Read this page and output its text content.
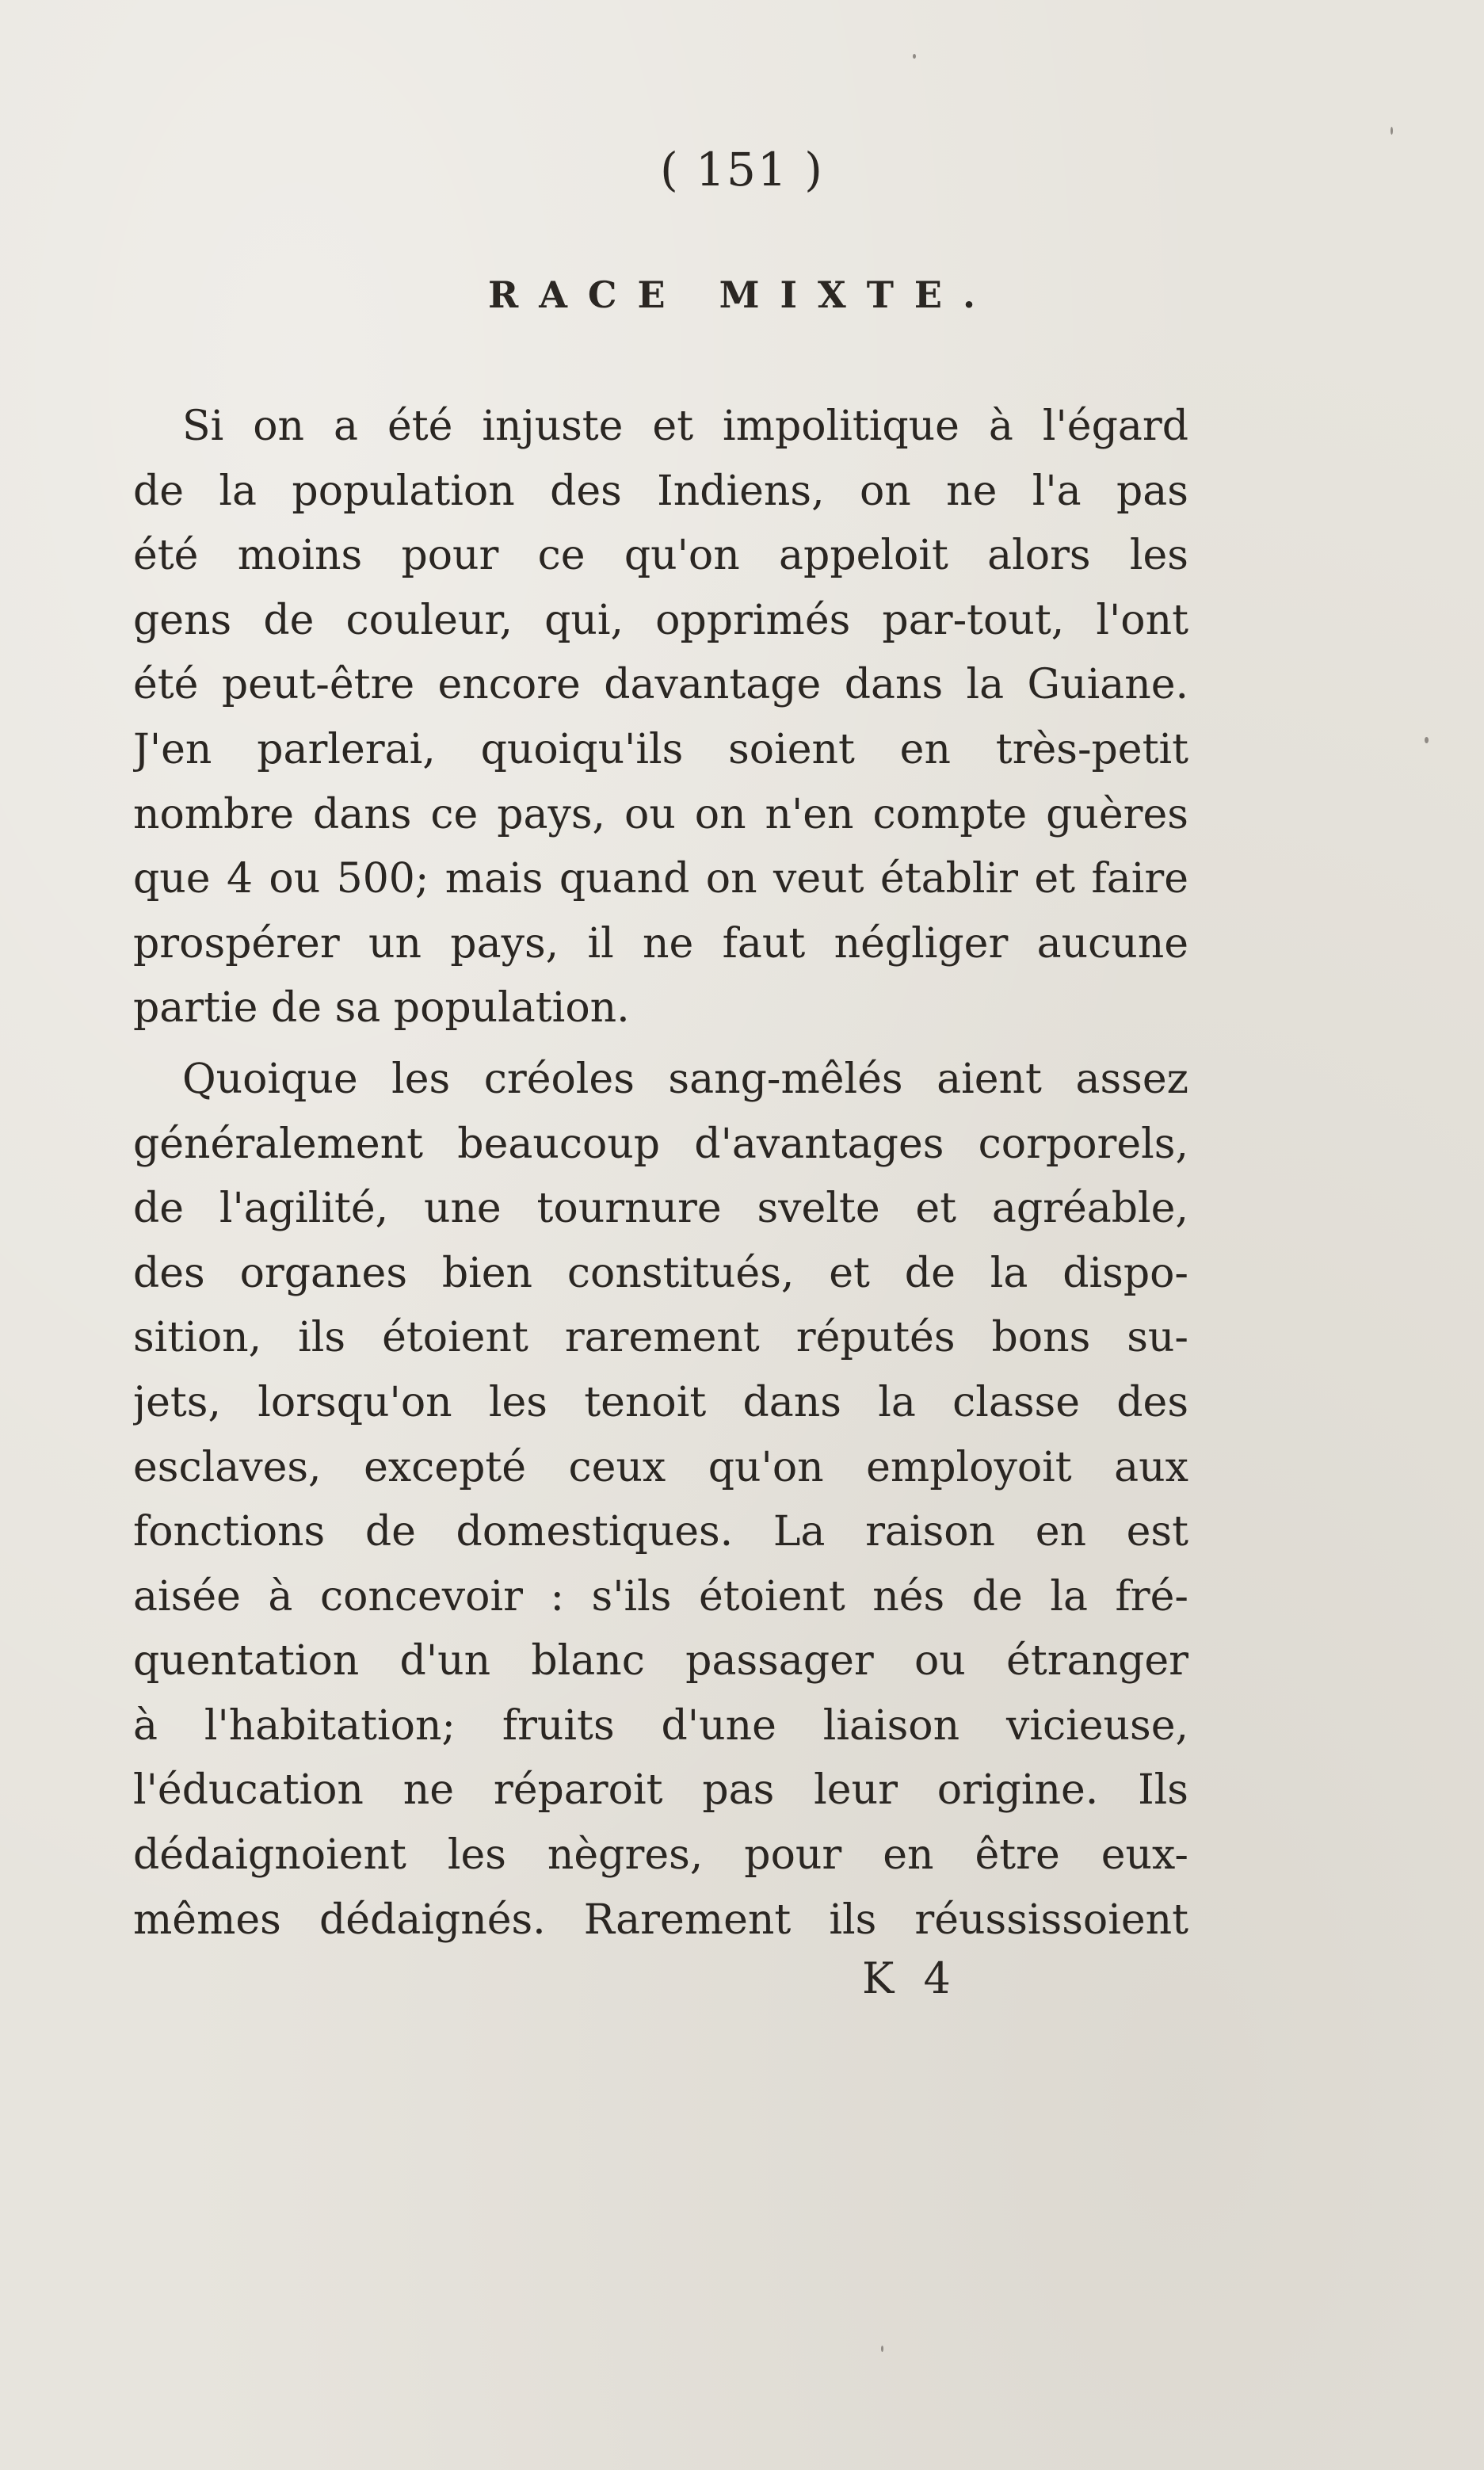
( 151 )
RACE MIXTE.
Si on a été injuste et impolitique à l'égard
de la population des Indiens, on ne l'a pas
été moins pour ce qu'on appeloit alors les
gens de couleur, qui, opprimés par-tout, l'ont
été peut-être encore davantage dans la Guiane.
J'en parlerai, quoiqu'ils soient en très-petit
nombre dans ce pays, ou on n'en compte guères
que 4 ou 500; mais quand on veut établir et faire
prospérer un pays, il ne faut négliger aucune
partie de sa population.
Quoique les créoles sang-mêlés aient assez
généralement beaucoup d'avantages corporels,
de l'agilité, une tournure svelte et agréable,
des organes bien constitués, et de la dispo-
sition, ils étoient rarement réputés bons su-
jets, lorsqu'on les tenoit dans la classe des
esclaves, excepté ceux qu'on employoit aux
fonctions de domestiques. La raison en est
aisée à concevoir : s'ils étoient nés de la fré-
quentation d'un blanc passager ou étranger
à l'habitation; fruits d'une liaison vicieuse,
l'éducation ne réparoit pas leur origine. Ils
dédaignoient les nègres, pour en être eux-
mêmes dédaignés. Rarement ils réussissoient
K 4
